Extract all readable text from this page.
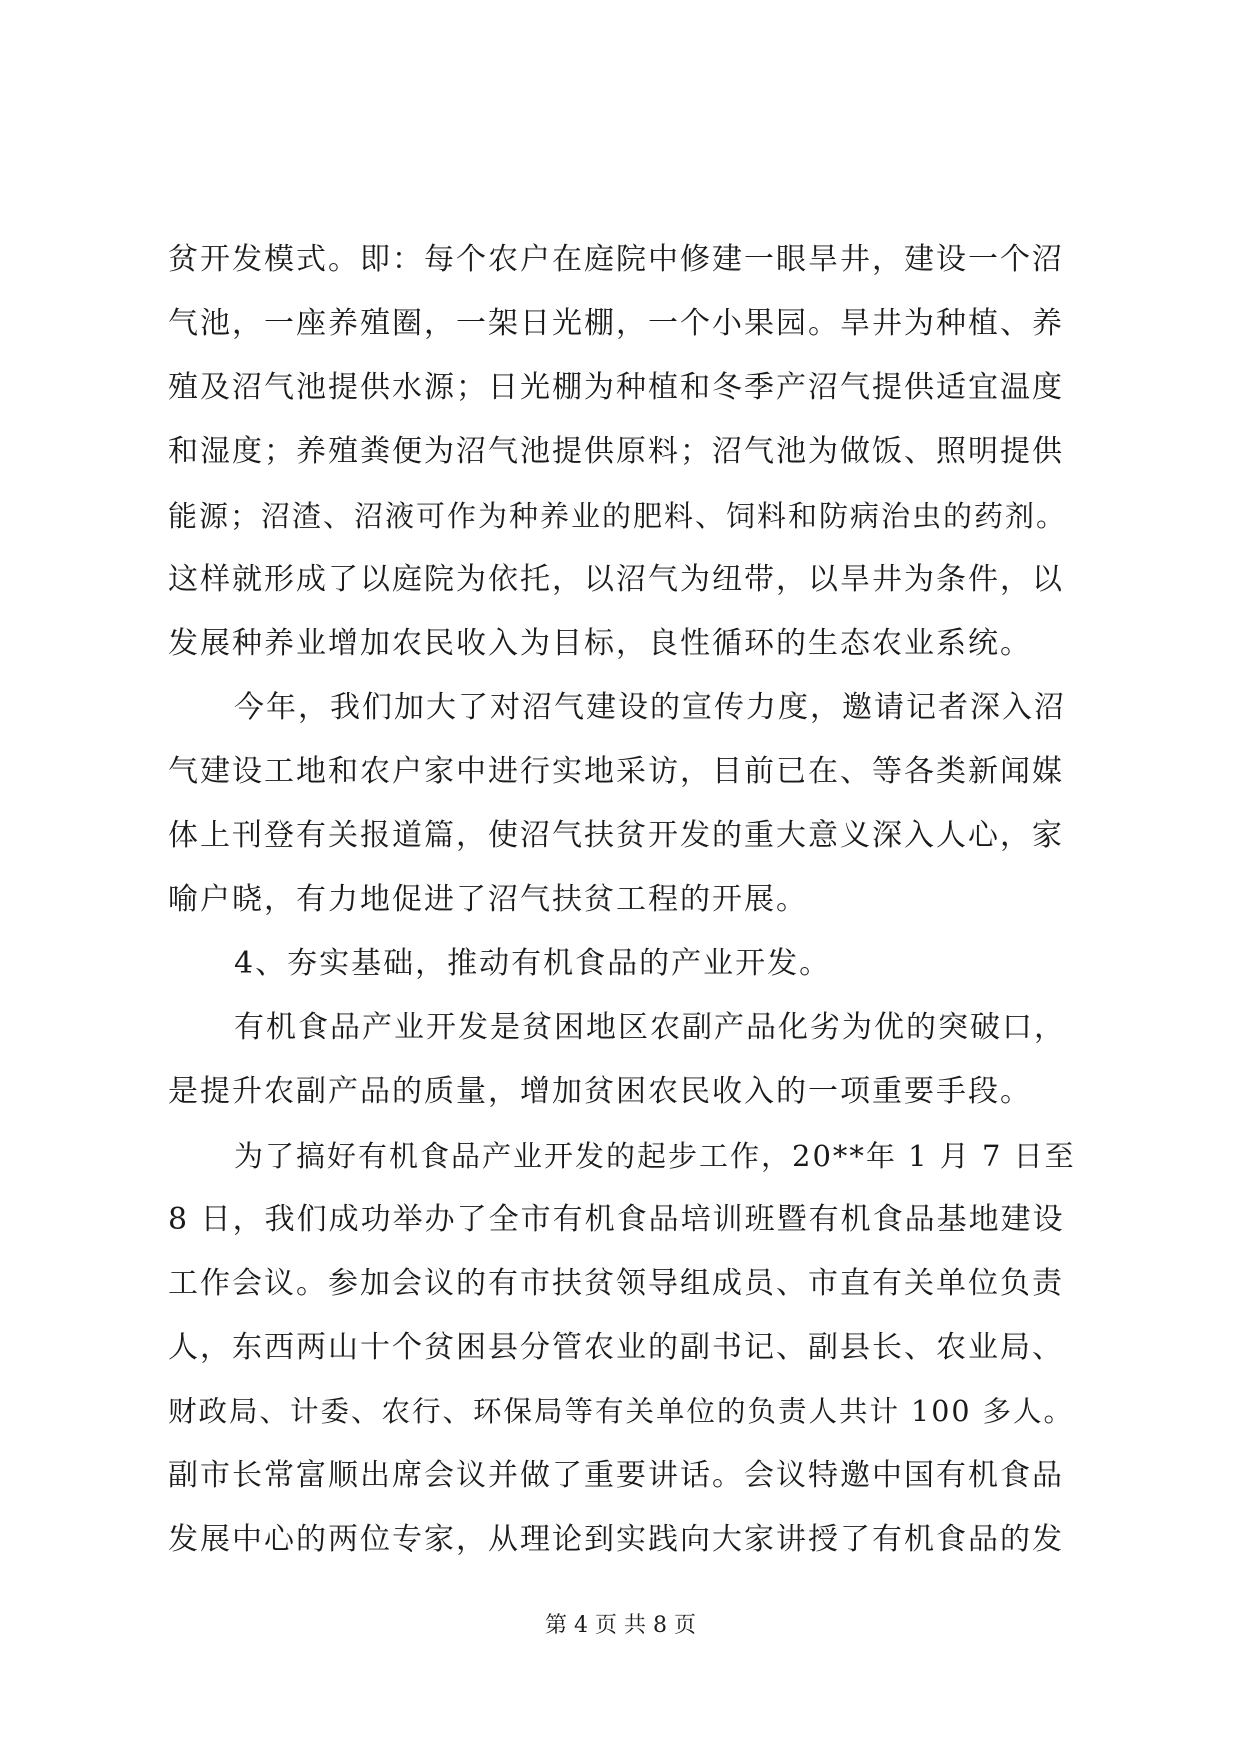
贫开发模式。即：每个农户在庭院中修建一眼旱井，建设一个沼
气池，一座养殖圈，一架日光棚，一个小果园。旱井为种植、养
殖及沼气池提供水源；日光棚为种植和冬季产沼气提供适宜温度
和湿度；养殖粪便为沼气池提供原料；沼气池为做饭、照明提供
能源；沼渣、沼液可作为种养业的肥料、饲料和防病治虫的药剂。
这样就形成了以庭院为依托，以沼气为纽带，以旱井为条件，以
发展种养业增加农民收入为目标，良性循环的生态农业系统。
今年，我们加大了对沼气建设的宣传力度，邀请记者深入沼
气建设工地和农户家中进行实地采访，目前已在、等各类新闻媒
体上刊登有关报道篇，使沼气扶贫开发的重大意义深入人心，家
喻户晓，有力地促进了沼气扶贫工程的开展。
4、夯实基础，推动有机食品的产业开发。
有机食品产业开发是贫困地区农副产品化劣为优的突破口，
是提升农副产品的质量，增加贫困农民收入的一项重要手段。
为了搞好有机食品产业开发的起步工作，20**年 1 月 7 日至
8 日，我们成功举办了全市有机食品培训班暨有机食品基地建设
工作会议。参加会议的有市扶贫领导组成员、市直有关单位负责
人，东西两山十个贫困县分管农业的副书记、副县长、农业局、
财政局、计委、农行、环保局等有关单位的负责人共计 100 多人。
副市长常富顺出席会议并做了重要讲话。会议特邀中国有机食品
发展中心的两位专家，从理论到实践向大家讲授了有机食品的发
第 4 页 共 8 页
